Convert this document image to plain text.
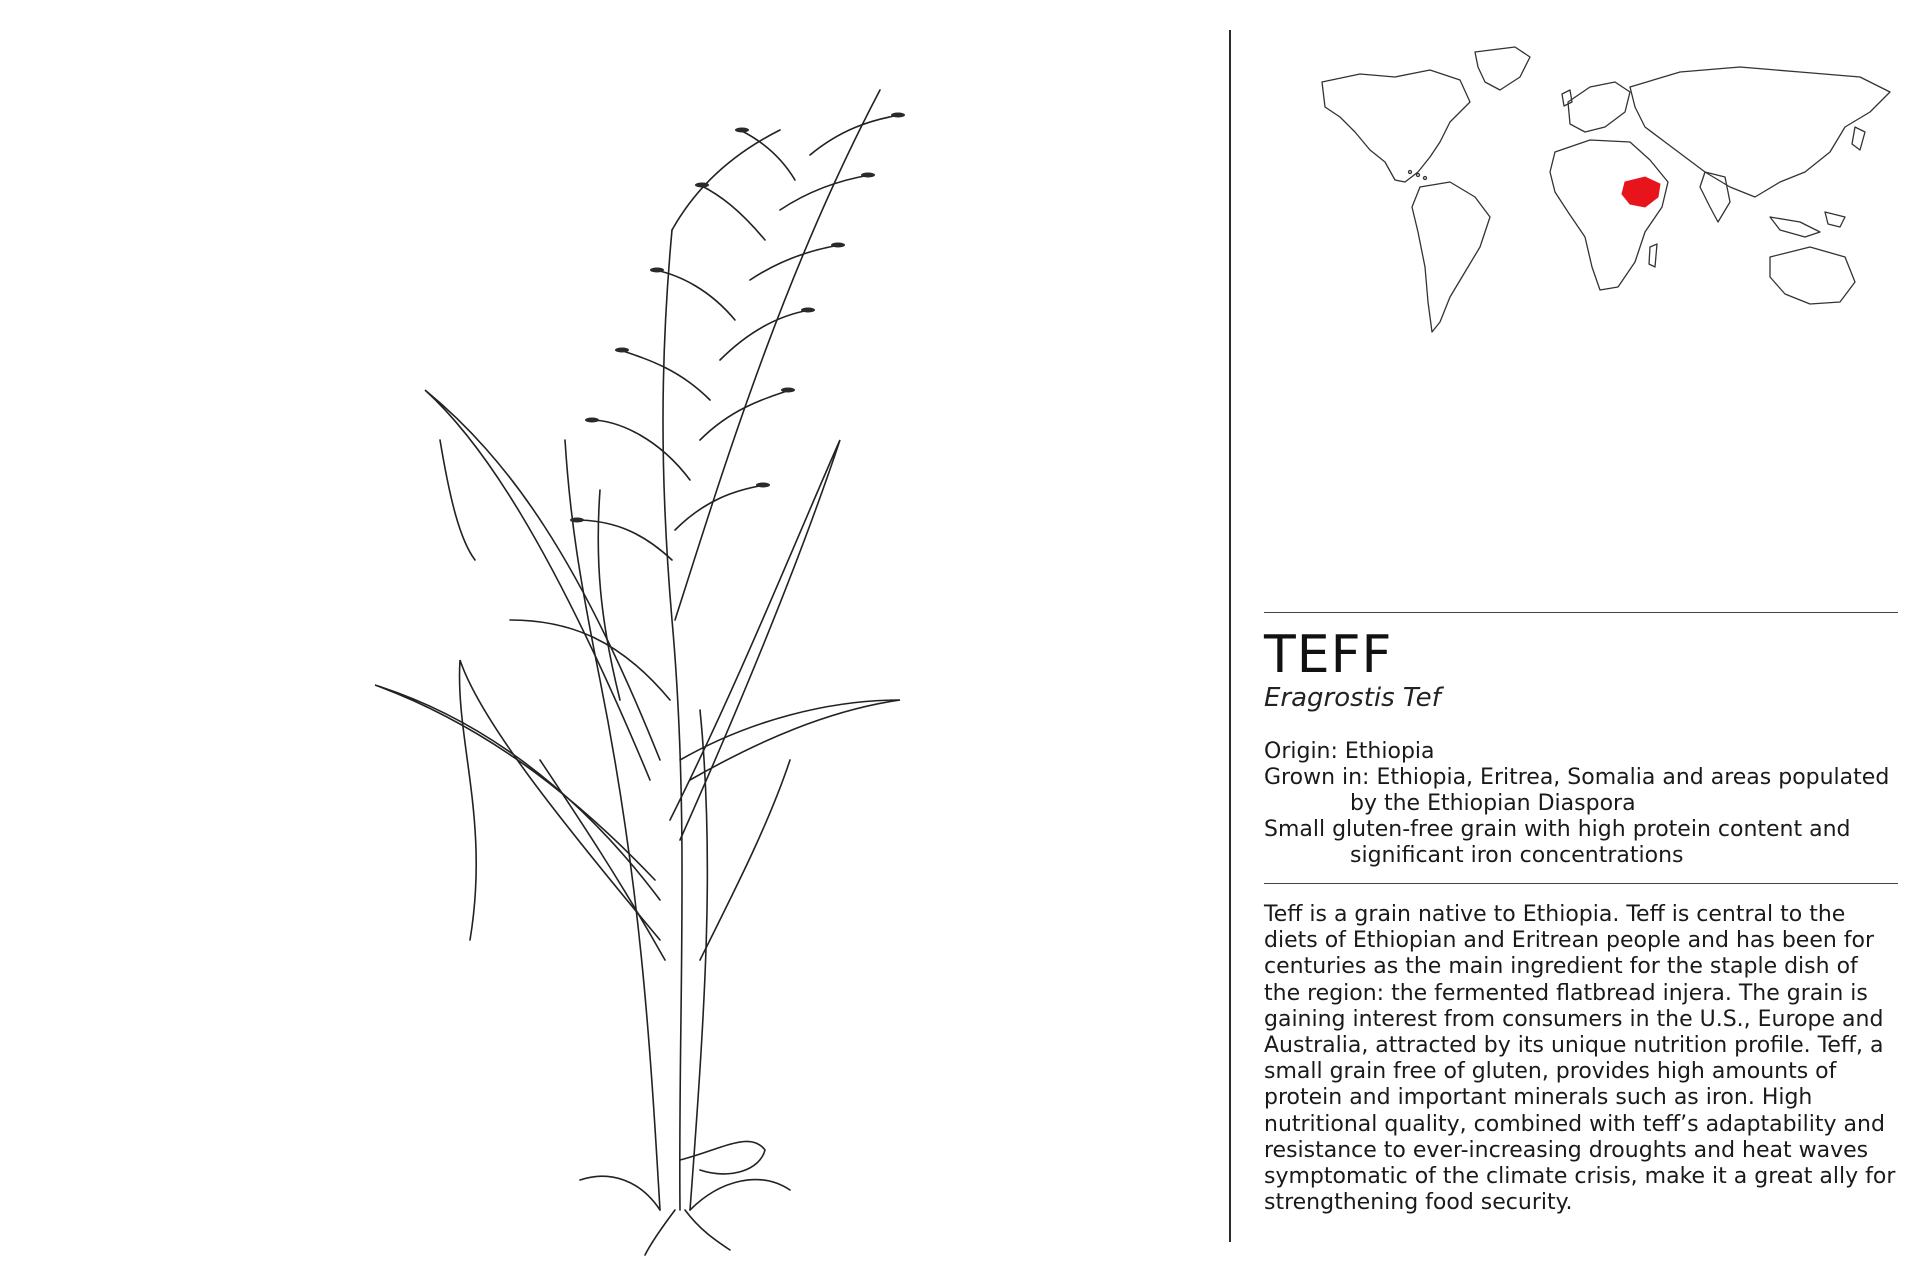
TEFF

Eragrostis Tef

Origin: Ethiopia

Grown in: Ethiopia, Eritrea, Somalia and areas populated by the Ethiopian Diaspora

Small gluten-free grain with high protein content and significant iron concentrations

Teff is a grain native to Ethiopia. Teff is central to the diets of Ethiopian and Eritrean people and has been for centuries as the main ingredient for the staple dish of the region: the fermented flatbread injera. The grain is gaining interest from consumers in the U.S., Europe and Australia, attracted by its unique nutrition profile. Teff, a small grain free of gluten, provides high amounts of protein and important minerals such as iron. High nutritional quality, combined with teff’s adaptability and resistance to ever-increasing droughts and heat waves symptomatic of the climate crisis, make it a great ally for strengthening food security.
